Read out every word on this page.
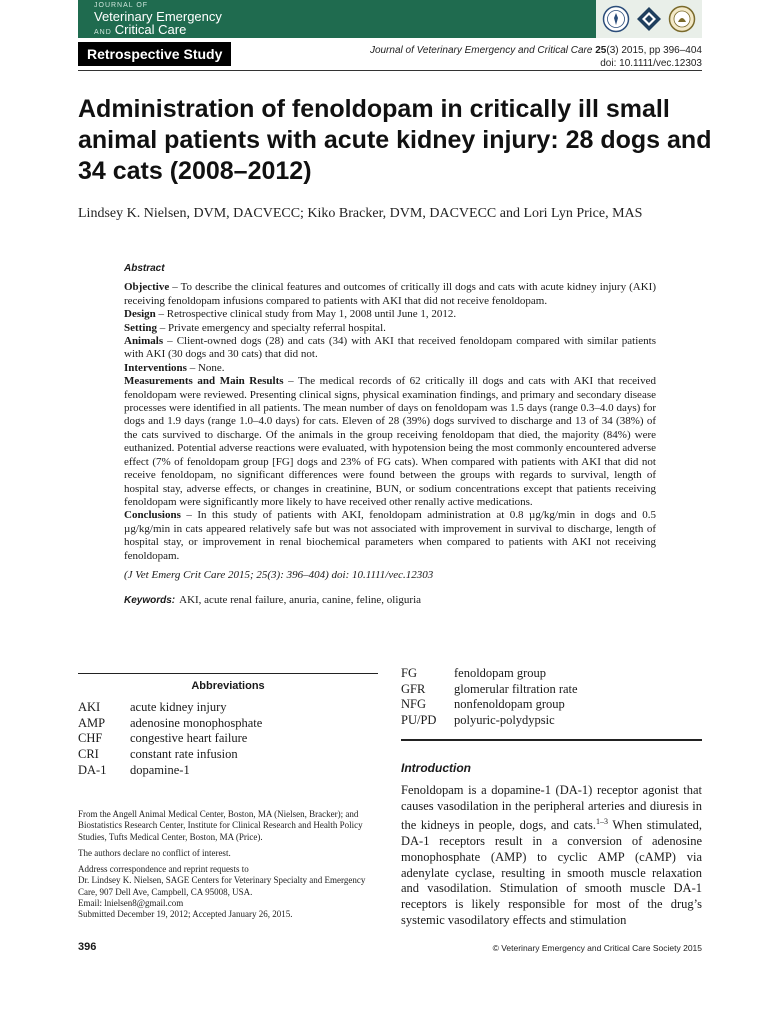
JOURNAL OF
Veterinary Emergency
AND Critical Care
Retrospective Study	Journal of Veterinary Emergency and Critical Care 25(3) 2015, pp 396–404
doi: 10.1111/vec.12303
Administration of fenoldopam in critically ill small animal patients with acute kidney injury: 28 dogs and 34 cats (2008–2012)
Lindsey K. Nielsen, DVM, DACVECC; Kiko Bracker, DVM, DACVECC and Lori Lyn Price, MAS
Abstract

Objective – To describe the clinical features and outcomes of critically ill dogs and cats with acute kidney injury (AKI) receiving fenoldopam infusions compared to patients with AKI that did not receive fenoldopam.

Design – Retrospective clinical study from May 1, 2008 until June 1, 2012.

Setting – Private emergency and specialty referral hospital.

Animals – Client-owned dogs (28) and cats (34) with AKI that received fenoldopam compared with similar patients with AKI (30 dogs and 30 cats) that did not.

Interventions – None.

Measurements and Main Results – The medical records of 62 critically ill dogs and cats with AKI that received fenoldopam were reviewed. Presenting clinical signs, physical examination findings, and primary and secondary disease processes were identified in all patients. The mean number of days on fenoldopam was 1.5 days (range 0.3–4.0 days) for dogs and 1.9 days (range 1.0–4.0 days) for cats. Eleven of 28 (39%) dogs survived to discharge and 13 of 34 (38%) of the cats survived to discharge. Of the animals in the group receiving fenoldopam that died, the majority (84%) were euthanized. Potential adverse reactions were evaluated, with hypotension being the most commonly encountered adverse effect (7% of fenoldopam group [FG] dogs and 23% of FG cats). When compared with patients with AKI that did not receive fenoldopam, no significant differences were found between the groups with regards to survival, length of hospital stay, adverse effects, or changes in creatinine, BUN, or sodium concentrations except that patients receiving fenoldopam were significantly more likely to have received other renally active medications.

Conclusions – In this study of patients with AKI, fenoldopam administration at 0.8 µg/kg/min in dogs and 0.5 µg/kg/min in cats appeared relatively safe but was not associated with improvement in survival to discharge, length of hospital stay, or improvement in renal biochemical parameters when compared to patients with AKI not receiving fenoldopam.

(J Vet Emerg Crit Care 2015; 25(3): 396–404) doi: 10.1111/vec.12303

Keywords: AKI, acute renal failure, anuria, canine, feline, oliguria

Abbreviations
AKI	acute kidney injury
AMP	adenosine monophosphate
CHF	congestive heart failure
CRI	constant rate infusion
DA-1	dopamine-1
FG	fenoldopam group
GFR	glomerular filtration rate
NFG	nonfenoldopam group
PU/PD	polyuric-polydypsic

From the Angell Animal Medical Center, Boston, MA (Nielsen, Bracker); and Biostatistics Research Center, Institute for Clinical Research and Health Policy Studies, Tufts Medical Center, Boston, MA (Price).

The authors declare no conflict of interest.

Address correspondence and reprint requests to

Dr. Lindsey K. Nielsen, SAGE Centers for Veterinary Specialty and Emergency Care, 907 Dell Ave, Campbell, CA 95008, USA.

Email: lnielsen8@gmail.com

Submitted December 19, 2012; Accepted January 26, 2015.

Introduction
Fenoldopam is a dopamine-1 (DA-1) receptor agonist that causes vasodilation in the peripheral arteries and diuresis in the kidneys in people, dogs, and cats.$^{1-3}$ When stimulated, DA-1 receptors result in a conversion of adenosine monophosphate (AMP) to cyclic AMP (cAMP) via adenylate cyclase, resulting in smooth muscle relaxation and vasodilation. Stimulation of smooth muscle DA-1 receptors is likely responsible for most of the drug’s systemic vasodilatory effects and stimulation
396	© Veterinary Emergency and Critical Care Society 2015
